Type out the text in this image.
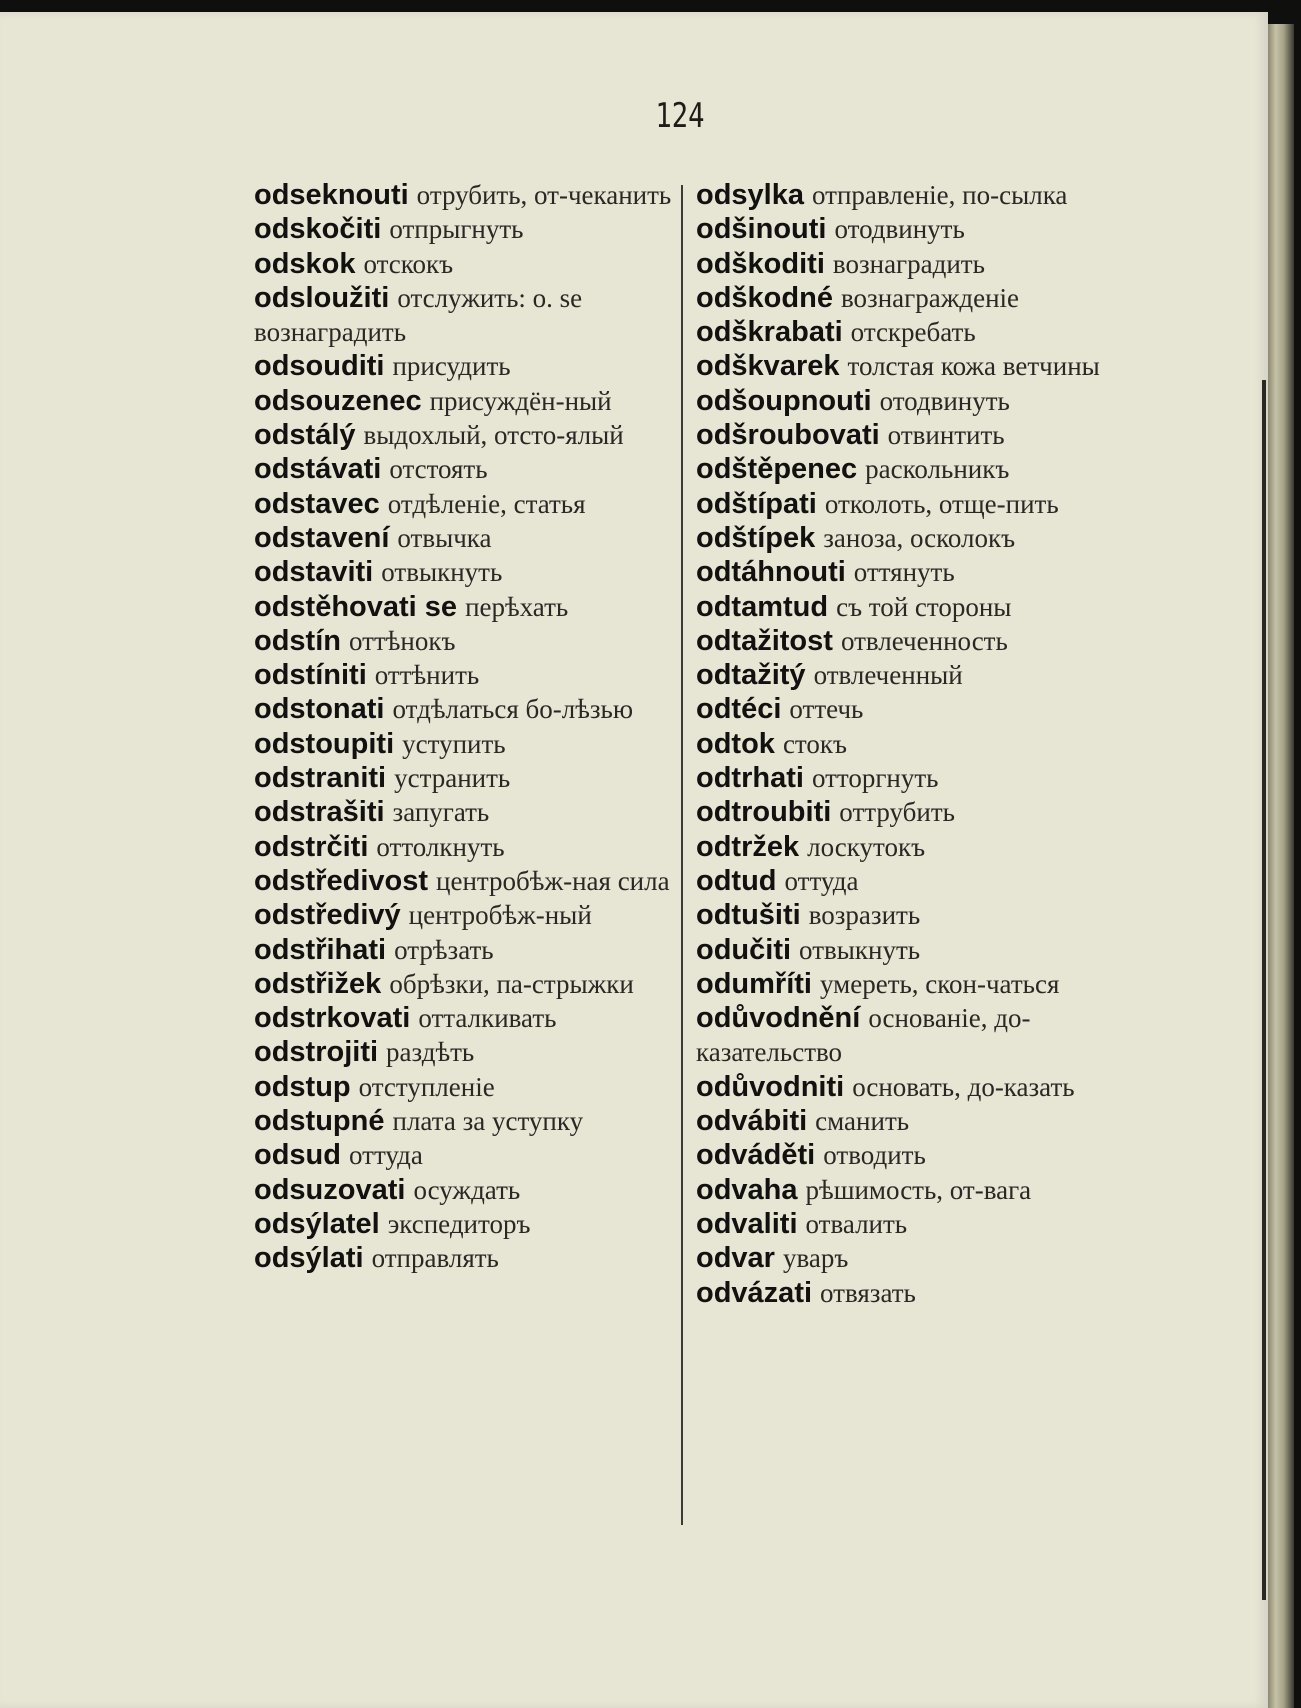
124
odseknouti отрубить, от-чеканить
odskočiti отпрыгнуть
odskok отскокъ
odsloužiti отслужить: о. se вознаградить
odsouditi присудить
odsouzenec присуждён-ный
odstálý выдохлый, отсто-ялый
odstávati отстоять
odstavec отдѣленіе, статья
odstavení отвычка
odstaviti отвыкнуть
odstěhovati se перѣхать
odstín оттѣнокъ
odstíniti оттѣнить
odstonati отдѣлаться бо-лѣзью
odstoupiti уступить
odstraniti устранить
odstrašiti запугать
odstrčiti оттолкнуть
odstředivost центробѣж-ная сила
odstředivý центробѣж-ный
odstřihati отрѣзать
odstřižek обрѣзки, па-стрыжки
odstrkovati отталкивать
odstrojiti раздѣть
odstup отступленіе
odstupné плата за уступку
odsud оттуда
odsuzovati осуждать
odsýlatel экспедиторъ
odsýlati отправлять
odsylka отправленіе, по-сылка
odšinouti отодвинуть
odškoditi вознаградить
odškodné вознагражденіе
odškrabati отскребать
odškvarek толстая кожа ветчины
odšoupnouti отодвинуть
odšroubovati отвинтить
odštěpenec раскольникъ
odštípati отколоть, отще-пить
odštípek заноза, осколокъ
odtáhnouti оттянуть
odtamtud съ той стороны
odtažitost отвлеченность
odtažitý отвлеченный
odtéci оттечь
odtok стокъ
odtrhati отторгнуть
odtroubiti оттрубить
odtržek лоскутокъ
odtud оттуда
odtušiti возразить
odučiti отвыкнуть
odumříti умереть, скон-чаться
odůvodnění основаніе, до-казательство
odůvodniti основать, до-казать
odvábiti сманить
odváděti отводить
odvaha рѣшимость, от-вага
odvaliti отвалить
odvar уваръ
odvázati отвязать
